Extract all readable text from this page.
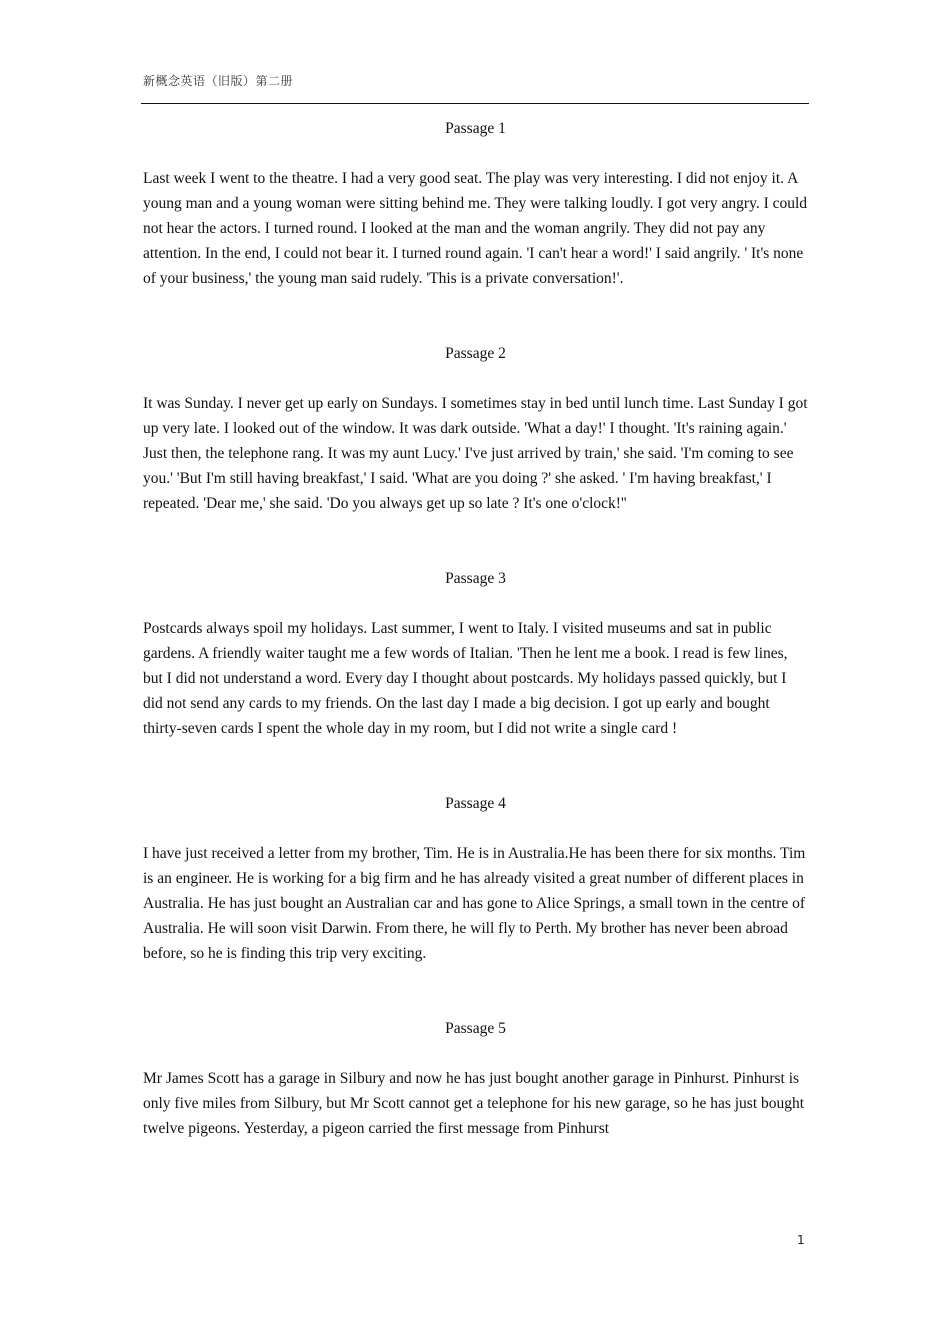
新概念英语（旧版）第二册

Passage 1

Last week I went to the theatre. I had a very good seat. The play was very interesting. I did not enjoy it. A young man and a young woman were sitting behind me. They were talking loudly. I got very angry. I could not hear the actors. I turned round. I looked at the man and the woman angrily. They did not pay any attention. In the end, I could not bear it. I turned round again. 'I can't hear a word!' I said angrily. ' It's none of your business,' the young man said rudely. 'This is a private conversation!'.

Passage 2

It was Sunday. I never get up early on Sundays. I sometimes stay in bed until lunch time. Last Sunday I got up very late. I looked out of the window. It was dark outside. 'What a day!' I thought. 'It's raining again.' Just then, the telephone rang. It was my aunt Lucy.' I've just arrived by train,' she said. 'I'm coming to see you.' 'But I'm still having breakfast,' I said. 'What are you doing ?' she asked. ' I'm having breakfast,' I repeated. 'Dear me,' she said. 'Do you always get up so late ? It's one o'clock!''

Passage 3

Postcards always spoil my holidays. Last summer, I went to Italy. I visited museums and sat in public gardens. A friendly waiter taught me a few words of Italian. 'Then he lent me a book. I read is few lines, but I did not understand a word. Every day I thought about postcards. My holidays passed quickly, but I did not send any cards to my friends. On the last day I made a big decision. I got up early and bought thirty-seven cards I spent the whole day in my room, but I did not write a single card !

Passage 4

I have just received a letter from my brother, Tim. He is in Australia.He has been there for six months. Tim is an engineer. He is working for a big firm and he has already visited a great number of different places in Australia. He has just bought an Australian car and has gone to Alice Springs, a small town in the centre of Australia. He will soon visit Darwin. From there, he will fly to Perth. My brother has never been abroad before, so he is finding this trip very exciting.

Passage 5

Mr James Scott has a garage in Silbury and now he has just bought another garage in Pinhurst. Pinhurst is only five miles from Silbury, but Mr Scott cannot get a telephone for his new garage, so he has just bought twelve pigeons. Yesterday, a pigeon carried the first message from Pinhurst

1
